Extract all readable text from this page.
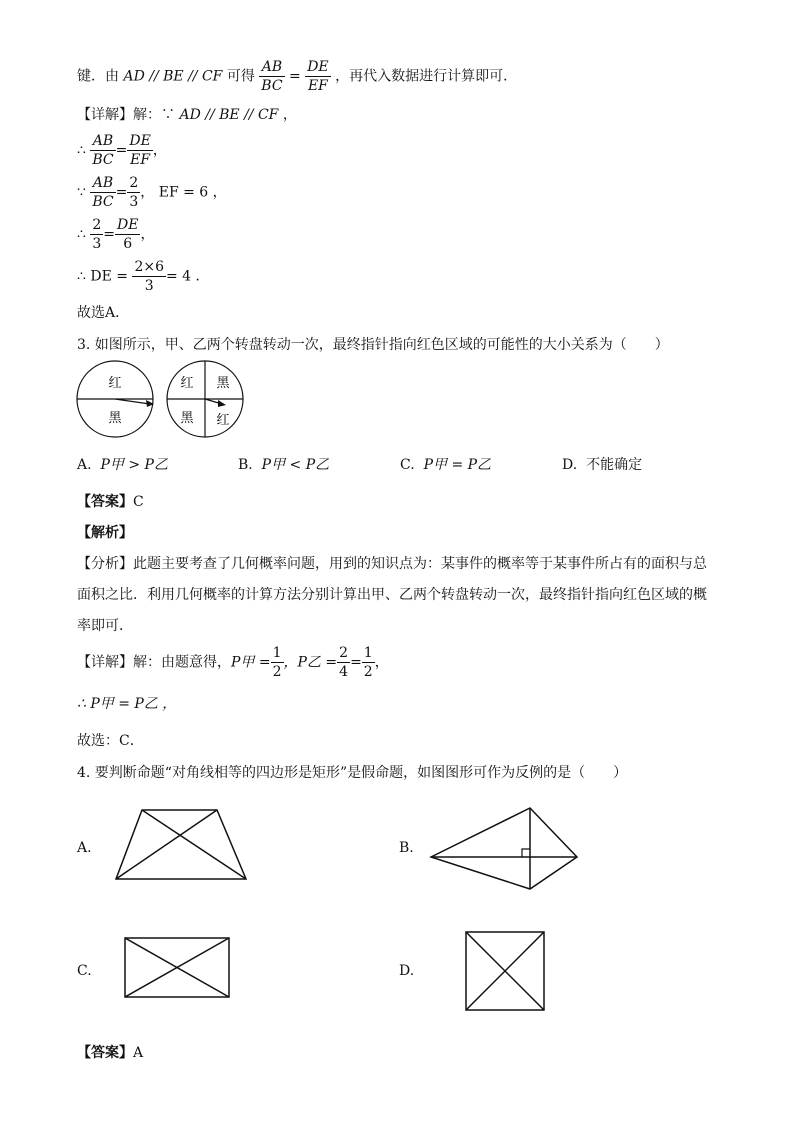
键．由 AD // BE // CF 可得 $\frac{AB}{BC} = \frac{DE}{EF}$ ，再代入数据进行计算即可．
【详解】解：∵ AD // BE // CF ，
∴ $\frac{AB}{BC} = \frac{DE}{EF}$ ，
∵ $\frac{AB}{BC} = \frac{2}{3}$ ， EF = 6 ，
∴ $\frac{2}{3} = \frac{DE}{6}$ ，
∴ DE = $\frac{2\times 6}{3} = 4$ ．
故选A．
3. 如图所示，甲、乙两个转盘转动一次，最终指针指向红色区域的可能性的大小关系为（　　）
红
黑
红 黑
黑 红
A. P甲 > P乙	B. P甲 < P乙	C. P甲 = P乙	D. 不能确定
【答案】C
【解析】
【分析】此题主要考查了几何概率问题，用到的知识点为：某事件的概率等于某事件所占有的面积与总
面积之比．利用几何概率的计算方法分别计算出甲、乙两个转盘转动一次，最终指针指向红色区域的概
率即可．
【详解】解：由题意得，P甲 = $\frac{1}{2}$ ，P乙 = $\frac{2}{4} = \frac{1}{2}$ ，
∴ P甲 = P乙 ，
故选：C．
4. 要判断命题“对角线相等的四边形是矩形”是假命题，如图图形可作为反例的是（　　）
A.	B.
C.	D.
【答案】A
